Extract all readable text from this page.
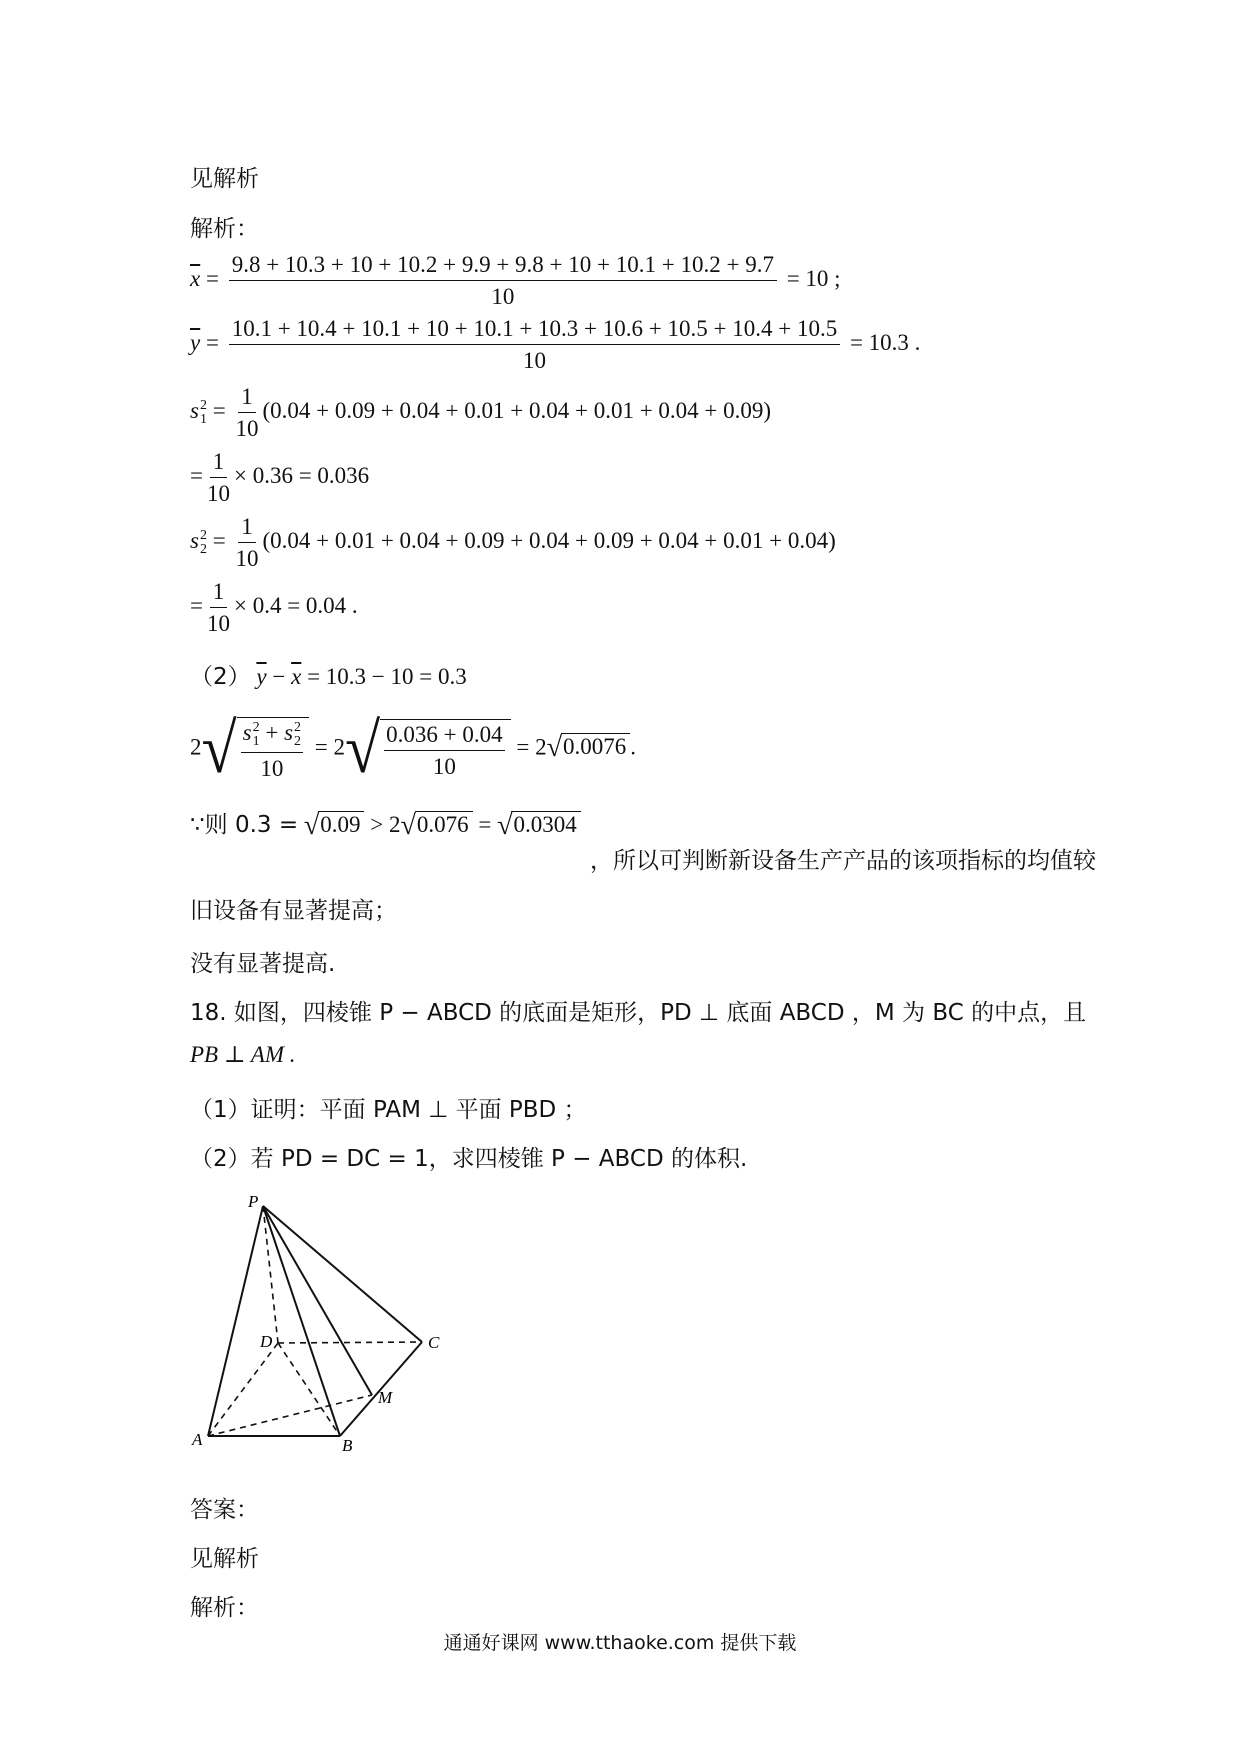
见解析
解析：
$\overline{x} = \frac{9.8 + 10.3 + 10 + 10.2 + 9.9 + 9.8 + 10 + 10.1 + 10.2 + 9.7}{10} = 10$ ;
$\overline{y}$ =
10.1 + 10.4 + 10.1 + 10 + 10.1 + 10.3 + 10.6 + 10.5 + 10.4 + 10.5
10
= 10.3 .
s 2
$1 = \frac{1}{10} (0.04 + 0.09 + 0.04 + 0.01 + 0.04 + 0.01 + 0.04 + 0.09)$
= $\frac{1}{10} \times 0.36 = 0.036$
s 2
$2 = \frac{1}{10} (0.04 + 0.01 + 0.04 + 0.09 + 0.04 + 0.09 + 0.04 + 0.01 + 0.04)$
= $\frac{1}{10} \times 0.4 = 0.04$ .
（2） $\overline{y} - \overline{x} = 10.3 - 10 = 0.3$
2√ s 2
1 + s 2
2
$10 = 2√ \frac{0.036 + 0.04}{10} = 2√0.0076$ .
∵则 0.3 = √0.09 > 2√0.076 = √0.0304
，所以可判断新设备生产产品的该项指标的均值较
旧设备有显著提高；
没有显著提高.
18. 如图，四棱锥 P − ABCD 的底面是矩形，PD ⊥ 底面 ABCD ，M 为 BC 的中点，且
PB ⊥ AM .
（1）证明：平面 PAM ⊥ 平面 PBD ；
（2）若 PD = DC = 1，求四棱锥 P − ABCD 的体积.
P
D	C
M
A	B
答案：
见解析
解析：
通通好课网 www.tthaoke.com 提供下载
